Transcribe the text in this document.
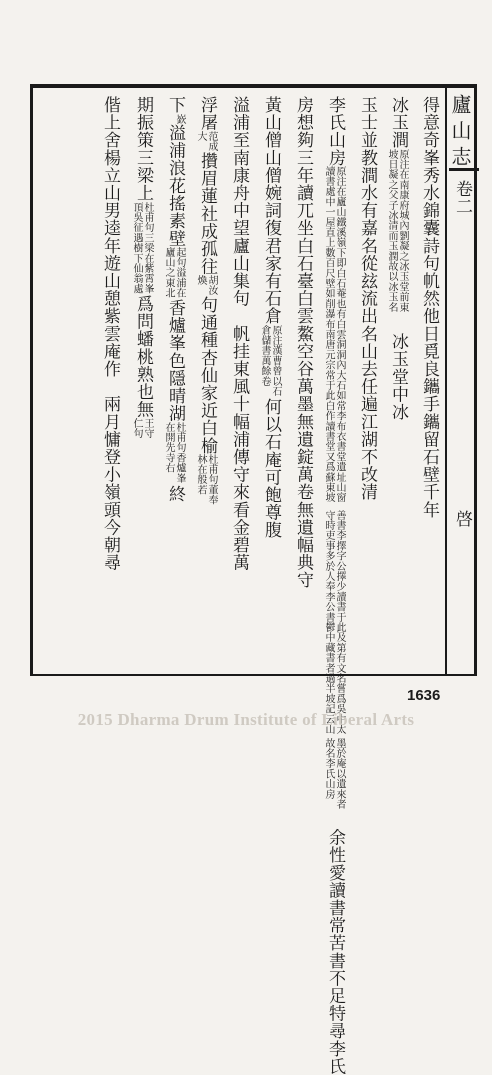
廬山志
卷二
啓
得意奇峯秀水錦囊詩句㠶然他日覓良鑴手鑴留石壁千年
冰玉澗
原注在南康府城內劉凝之冰玉堂前東
坡日凝之父子冰清而玉潤故以冰玉名
　冰玉堂中冰
玉士並教澗水有嘉名從玆流出名山去任遍江湖不改清
李氏山房
原注在廬山鐵溪嶺下即白石菴也有白雲洞洞內大石如常李布衣書堂遺址山窗
讀書處中一屋直上數百尺壁如削瀑布南唐元宗常于此白作讀書堂又爲蘇東坡
善書李擇字公擇少讀書于此及第有文名嘗爲吳中太
守時吏事多於人奉李公書鬱中藏書者過半坡記云山
墨於庵以遺來者
故名李氏山房
　余性愛讀書常苦書不足特尋李氏
房想夠三年讀兀坐白石臺白雲鰲空谷萬墨無遺錠萬卷無遺幅典守
黃山僧山僧婉詞復君家有石倉
原注漢曹曾以石
倉儲書萬餘卷
何以石庵可飽尊腹
溢浦至南康舟中望廬山集句　帆挂東風十幅浦傳守來看金碧萬
浮屠
范成
大
攢眉蓮社成孤往
胡汝
煥
句通種杏仙家近白榆
杜甫句董奉
林在般若
下
嶔
溢浦浪花搖素壁
起句溢浦在
廬山之東北
香爐峯色隱晴湖
杜甫句香爐峯
在開先寺右
終
期振策三梁上
杜甫句三梁在紫霄峯
頂吳征遇樹下仙翁處
爲問蟠桃熟也無
王守
仁句
偕上舍楊立山男逵年遊山憩紫雲庵作　兩月慵登小嶺頭今朝尋
1636
2015 Dharma Drum Institute of Liberal Arts
